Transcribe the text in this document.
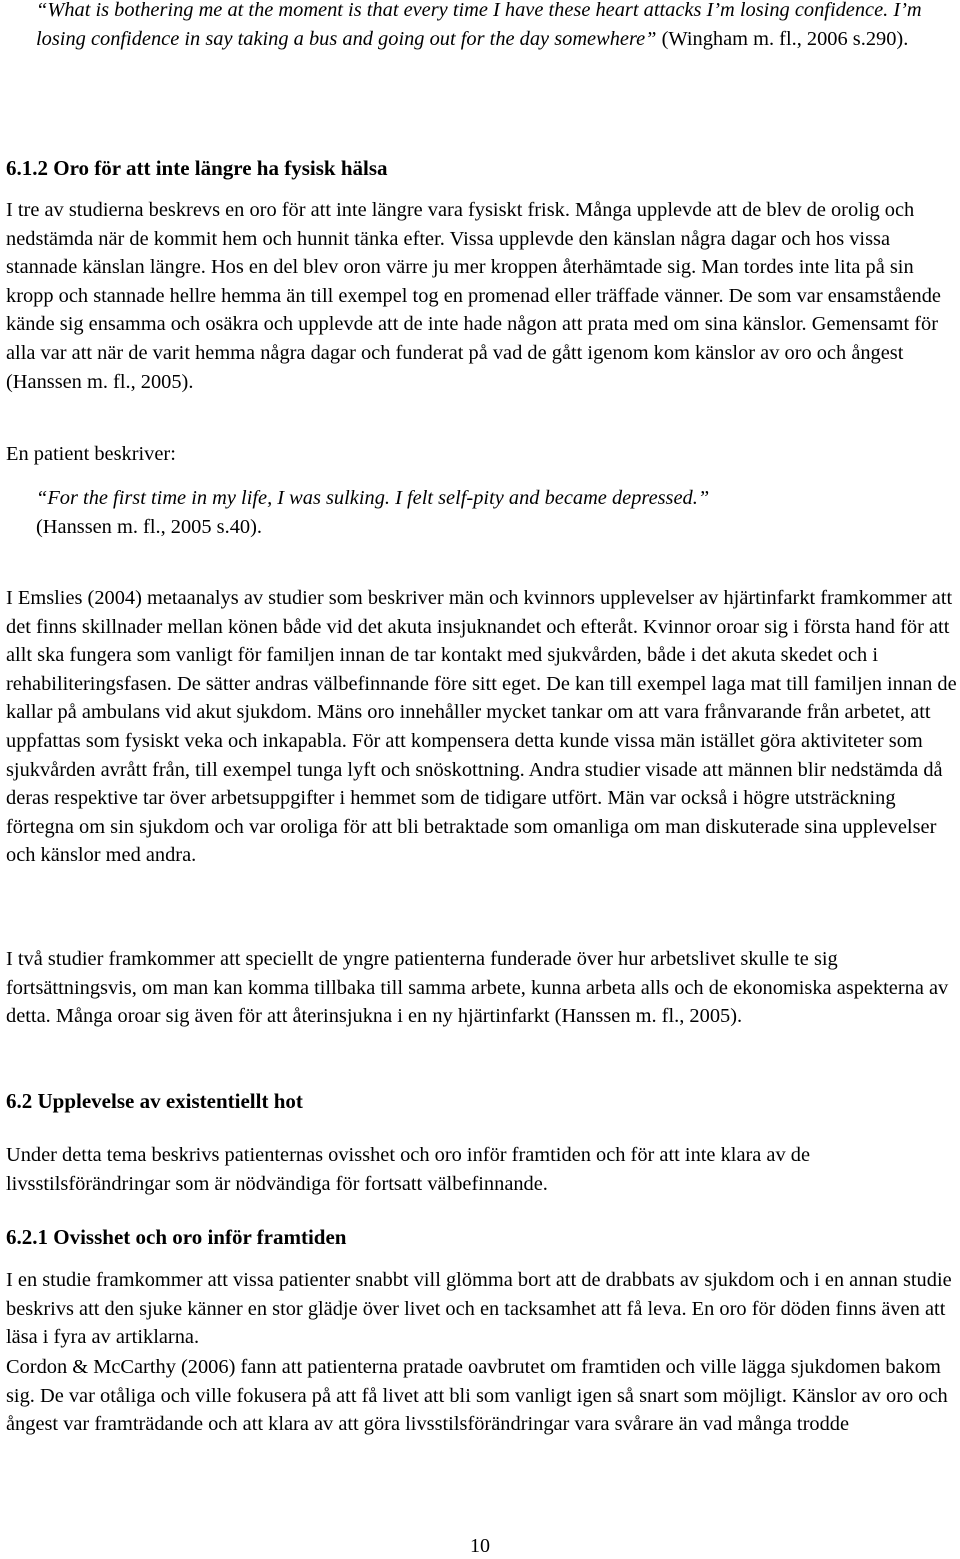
“What is bothering me at the moment is that every time I have these heart attacks I’m losing confidence. I’m losing confidence in say taking a bus and going out for the day somewhere” (Wingham m. fl., 2006 s.290).

6.1.2 Oro för att inte längre ha fysisk hälsa

I tre av studierna beskrevs en oro för att inte längre vara fysiskt frisk. Många upplevde att de blev de orolig och nedstämda när de kommit hem och hunnit tänka efter. Vissa upplevde den känslan några dagar och hos vissa stannade känslan längre. Hos en del blev oron värre ju mer kroppen återhämtade sig. Man tordes inte lita på sin kropp och stannade hellre hemma än till exempel tog en promenad eller träffade vänner. De som var ensamstående kände sig ensamma och osäkra och upplevde att de inte hade någon att prata med om sina känslor. Gemensamt för alla var att när de varit hemma några dagar och funderat på vad de gått igenom kom känslor av oro och ångest (Hanssen m. fl., 2005).

En patient beskriver:

“For the first time in my life, I was sulking. I felt self-pity and became depressed.”
(Hanssen m. fl., 2005 s.40).

I Emslies (2004) metaanalys av studier som beskriver män och kvinnors upplevelser av hjärtinfarkt framkommer att det finns skillnader mellan könen både vid det akuta insjuknandet och efteråt. Kvinnor oroar sig i första hand för att allt ska fungera som vanligt för familjen innan de tar kontakt med sjukvården, både i det akuta skedet och i rehabiliteringsfasen. De sätter andras välbefinnande före sitt eget. De kan till exempel laga mat till familjen innan de kallar på ambulans vid akut sjukdom. Mäns oro innehåller mycket tankar om att vara frånvarande från arbetet, att uppfattas som fysiskt veka och inkapabla. För att kompensera detta kunde vissa män istället göra aktiviteter som sjukvården avrått från, till exempel tunga lyft och snöskottning. Andra studier visade att männen blir nedstämda då deras respektive tar över arbetsuppgifter i hemmet som de tidigare utfört. Män var också i högre utsträckning förtegna om sin sjukdom och var oroliga för att bli betraktade som omanliga om man diskuterade sina upplevelser och känslor med andra.

I två studier framkommer att speciellt de yngre patienterna funderade över hur arbetslivet skulle te sig fortsättningsvis, om man kan komma tillbaka till samma arbete, kunna arbeta alls och de ekonomiska aspekterna av detta. Många oroar sig även för att återinsjukna i en ny hjärtinfarkt (Hanssen m. fl., 2005).

6.2 Upplevelse av existentiellt hot

Under detta tema beskrivs patienternas ovisshet och oro inför framtiden och för att inte klara av de livsstilsförändringar som är nödvändiga för fortsatt välbefinnande.

6.2.1 Ovisshet och oro inför framtiden

I en studie framkommer att vissa patienter snabbt vill glömma bort att de drabbats av sjukdom och i en annan studie beskrivs att den sjuke känner en stor glädje över livet och en tacksamhet att få leva. En oro för döden finns även att läsa i fyra av artiklarna.

Cordon & McCarthy (2006) fann att patienterna pratade oavbrutet om framtiden och ville lägga sjukdomen bakom sig. De var otåliga och ville fokusera på att få livet att bli som vanligt igen så snart som möjligt. Känslor av oro och ångest var framträdande och att klara av att göra livsstilsförändringar vara svårare än vad många trodde

10
